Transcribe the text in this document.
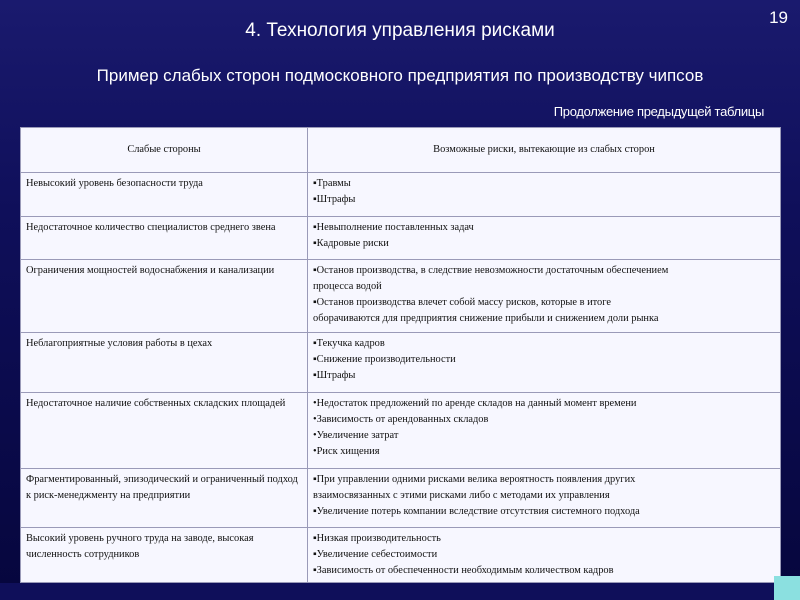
19
4. Технология управления рисками
Пример слабых сторон подмосковного предприятия по производству чипсов
Продолжение предыдущей таблицы
Слабые стороны	Возможные риски, вытекающие из слабых сторон
Невысокий уровень безопасности труда	▪Травмы
▪Штрафы

Недостаточное количество специалистов среднего звена	▪Невыполнение поставленных задач
▪Кадровые риски

Ограничения мощностей водоснабжения и канализации	▪Останов производства, в следствие невозможности достаточным обеспечением
процесса водой
▪Останов производства влечет собой массу рисков, которые в итоге
оборачиваются для предприятия снижение прибыли и снижением доли рынка

Неблагоприятные условия работы в цехах	▪Текучка кадров
▪Снижение производительности
▪Штрафы

Недостаточное наличие собственных складских площадей	•Недостаток предложений по аренде складов на данный момент времени
•Зависимость от арендованных складов
•Увеличение затрат
•Риск хищения

Фрагментированный, эпизодический и ограниченный подход к риск-менеджменту на предприятии	▪При управлении одними рисками велика вероятность появления других
взаимосвязанных с этими рисками либо с методами их управления
▪Увеличение потерь компании вследствие отсутствия системного подхода

Высокий уровень ручного труда на заводе, высокая численность сотрудников	▪Низкая производительность
▪Увеличение себестоимости
▪Зависимость от обеспеченности необходимым количеством кадров
